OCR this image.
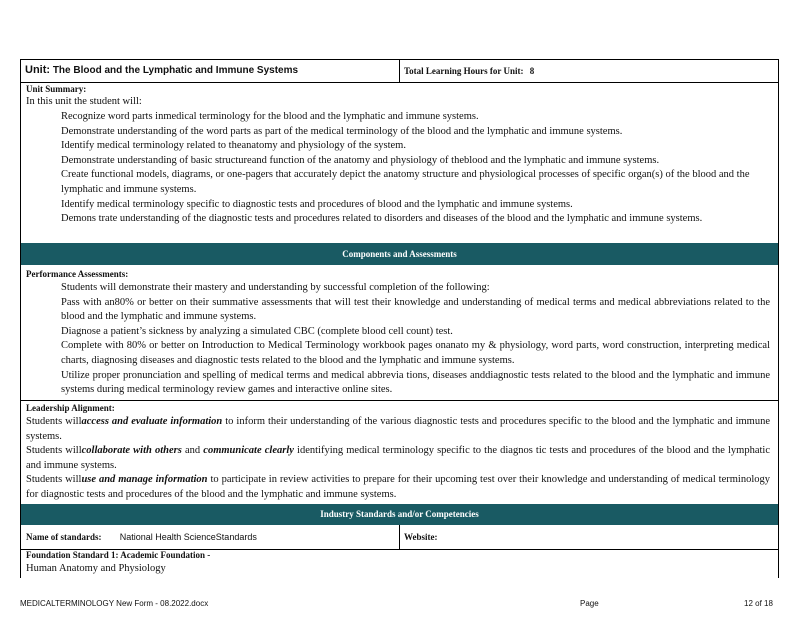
Unit: The Blood and the Lymphatic and Immune Systems	Total Learning Hours for Unit: 8
Unit Summary:
In this unit the student will:
Recognize word parts inmedical terminology for the blood and the lymphatic and immune systems.
Demonstrate understanding of the word parts as part of the medical terminology of the blood and the lymphatic and immune systems.
Identify medical terminology related to theanatomy and physiology of the system.
Demonstrate understanding of basic structureand function of the anatomy and physiology of theblood and the lymphatic and immune systems.
Create functional models, diagrams, or one-pagers that accurately depict the anatomy structure and physiological processes of specific organ(s) of the blood and the lymphatic and immune systems.
Identify medical terminology specific to diagnostic tests and procedures of blood and the lymphatic and immune systems.
Demons trate understanding of the diagnostic tests and procedures related to disorders and diseases of the blood and the lymphatic and immune systems.
Components and Assessments
Performance Assessments:
Students will demonstrate their mastery and understanding by successful completion of the following:
Pass with an80% or better on their summative assessments that will test their knowledge and understanding of medical terms and medical abbreviations related to the blood and the lymphatic and immune systems.
Diagnose a patient’s sickness by analyzing a simulated CBC (complete blood cell count) test.
Complete with 80% or better on Introduction to Medical Terminology workbook pages onanato my & physiology, word parts, word construction, interpreting medical charts, diagnosing diseases and diagnostic tests related to the blood and the lymphatic and immune systems.
Utilize proper pronunciation and spelling of medical terms and medical abbrevia tions, diseases anddiagnostic tests related to the blood and the lymphatic and immune systems during medical terminology review games and interactive online sites.
Leadership Alignment:
Students willaccess and evaluate information to inform their understanding of the various diagnostic tests and procedures specific to the blood and the lymphatic and immune systems.
Students willcollaborate with others and communicate clearly identifying medical terminology specific to the diagnos tic tests and procedures of the blood and the lymphatic and immune systems.
Students willuse and manage information to participate in review activities to prepare for their upcoming test over their knowledge and understanding of medical terminology for diagnostic tests and procedures of the blood and the lymphatic and immune systems.
Industry Standards and/or Competencies
Name of standards: National Health ScienceStandards	Website:
Foundation Standard 1: Academic Foundation -
Human Anatomy and Physiology
MEDICALTERMINOLOGY New Form - 08.2022.docx	Page	12 of 18
